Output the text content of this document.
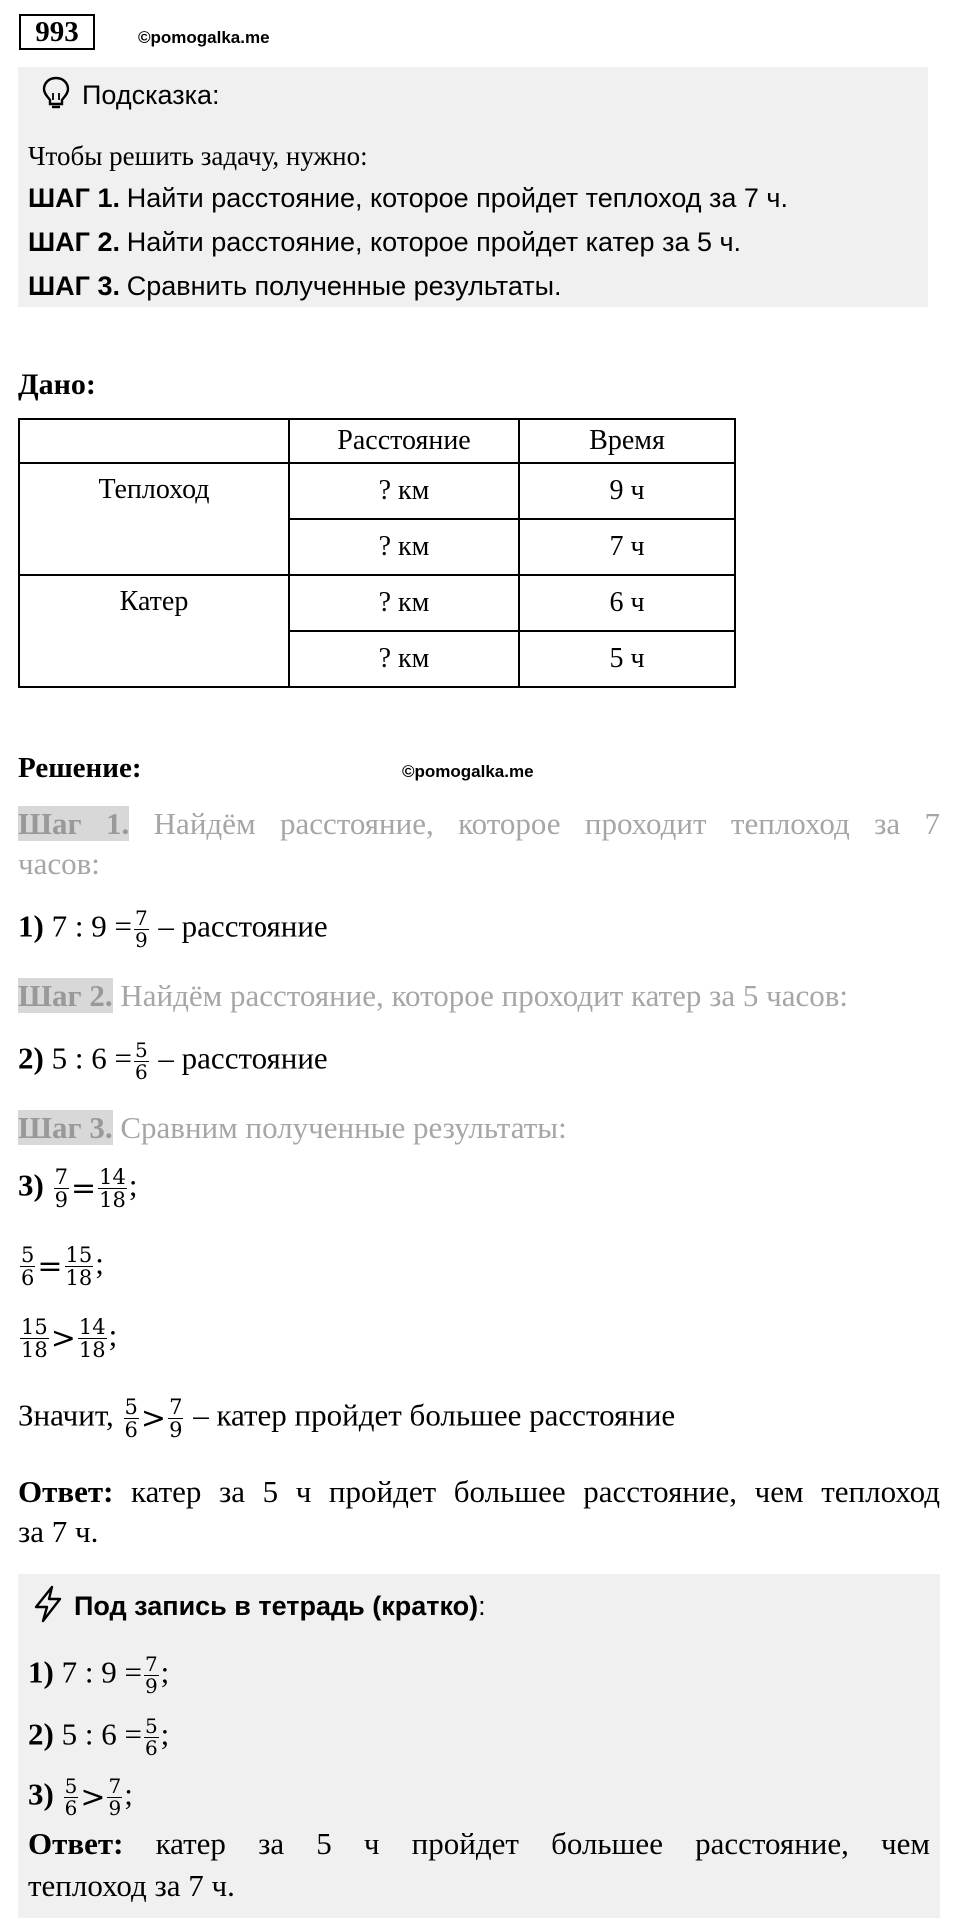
993	©pomogalka.me
Подсказка:
Чтобы решить задачу, нужно:
ШАГ 1. Найти расстояние, которое пройдет теплоход за 7 ч.
ШАГ 2. Найти расстояние, которое пройдет катер за 5 ч.
ШАГ 3. Сравнить полученные результаты.
Дано:
	Расстояние	Время
Теплоход	? км	9 ч
	? км	7 ч
Катер	? км	6 ч
	? км	5 ч
Решение:	©pomogalka.me
Шаг 1. Найдём расстояние, которое проходит теплоход за 7
часов:
1) 7 : $9 = \frac{7}{9}$ – расстояние
Шаг 2. Найдём расстояние, которое проходит катер за 5 часов:
2) 5 : $6 = \frac{5}{6}$ – расстояние
Шаг 3. Сравним полученные результаты:
$3) \frac{7}{9} = \frac{14}{18}$ ;
$\frac{5}{6} = \frac{15}{18}$ ;
$\frac{15}{18} > \frac{14}{18}$ ;
Значит, $\frac{5}{6} > \frac{7}{9}$ – катер пройдет большее расстояние
Ответ: катер за 5 ч пройдет большее расстояние, чем теплоход
за 7 ч.
Под запись в тетрадь (кратко):
1) 7 : $9 = \frac{7}{9}$ ;
2) 5 : $6 = \frac{5}{6}$ ;
$3) \frac{5}{6} > \frac{7}{9}$ ;
Ответ: катер за 5 ч пройдет большее расстояние, чем
теплоход за 7 ч.
